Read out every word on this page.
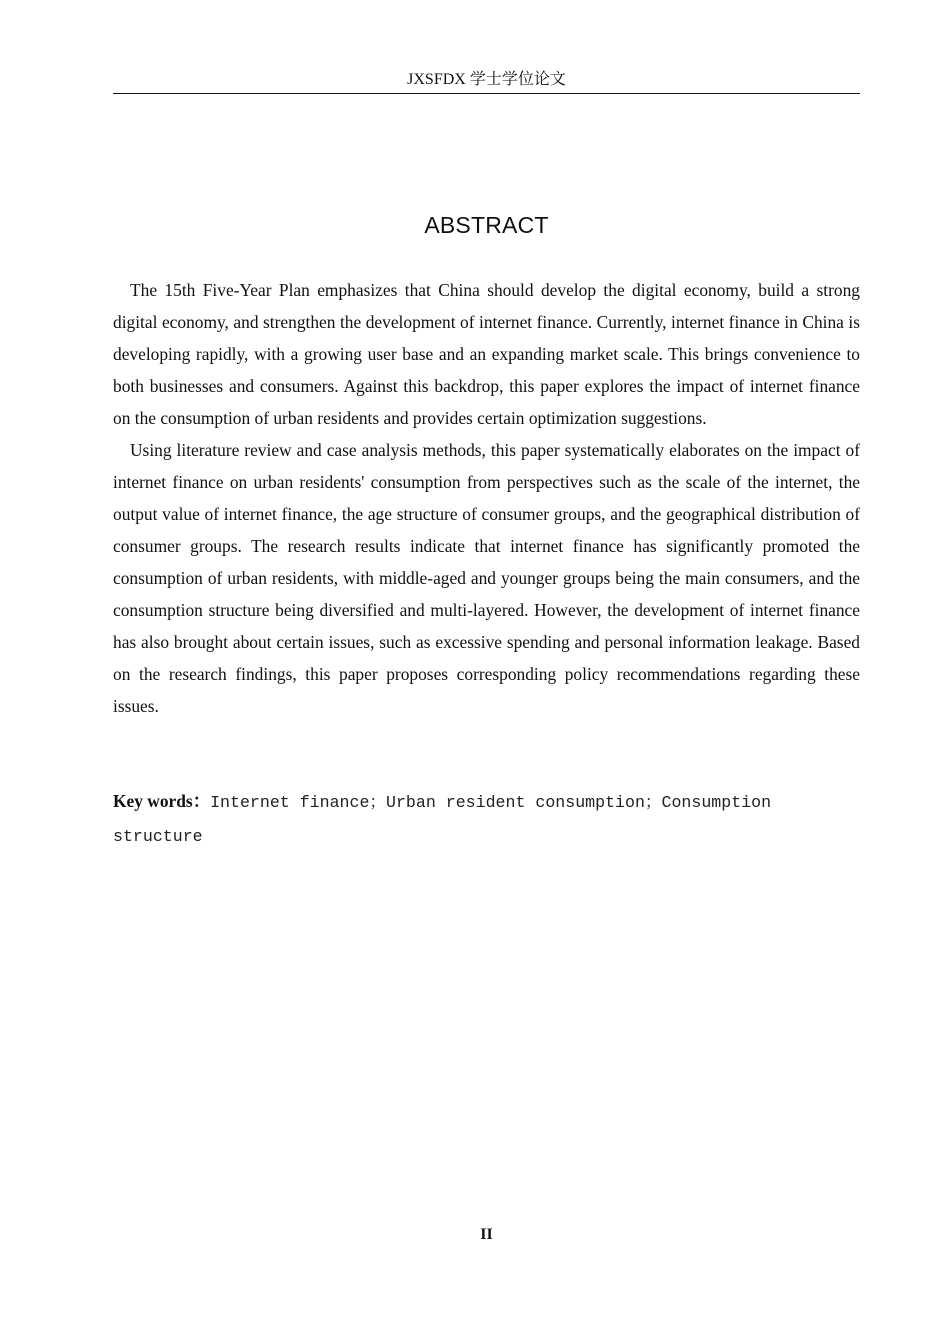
JXSFDX 学士学位论文
ABSTRACT

The 15th Five-Year Plan emphasizes that China should develop the digital economy, build a strong digital economy, and strengthen the development of internet finance. Currently, internet finance in China is developing rapidly, with a growing user base and an expanding market scale. This brings convenience to both businesses and consumers. Against this backdrop, this paper explores the impact of internet finance on the consumption of urban residents and provides certain optimization suggestions.

Using literature review and case analysis methods, this paper systematically elaborates on the impact of internet finance on urban residents' consumption from perspectives such as the scale of the internet, the output value of internet finance, the age structure of consumer groups, and the geographical distribution of consumer groups. The research results indicate that internet finance has significantly promoted the consumption of urban residents, with middle-aged and younger groups being the main consumers, and the consumption structure being diversified and multi-layered. However, the development of internet finance has also brought about certain issues, such as excessive spending and personal information leakage. Based on the research findings, this paper proposes corresponding policy recommendations regarding these issues.

Key words：Internet finance；Urban resident consumption；Consumption structure
II
